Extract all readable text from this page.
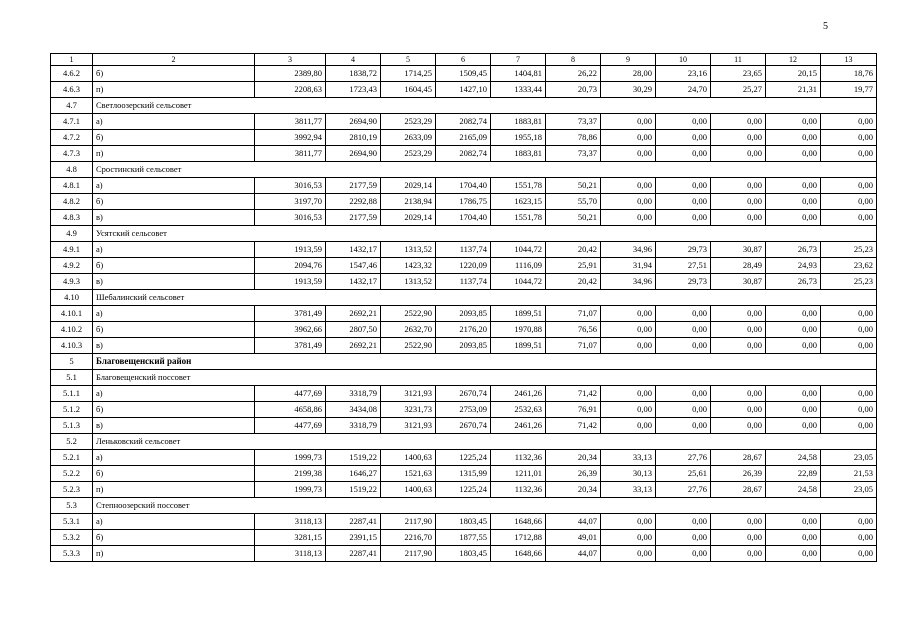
5
1	2	3	4	5	6	7	8	9	10	11	12	13
4.6.2	б)	2389,80	1838,72	1714,25	1509,45	1404,81	26,22	28,00	23,16	23,65	20,15	18,76
4.6.3	п)	2208,63	1723,43	1604,45	1427,10	1333,44	20,73	30,29	24,70	25,27	21,31	19,77
4.7	Светлоозерский сельсовет											
4.7.1	а)	3811,77	2694,90	2523,29	2082,74	1883,81	73,37	0,00	0,00	0,00	0,00	0,00
4.7.2	б)	3992,94	2810,19	2633,09	2165,09	1955,18	78,86	0,00	0,00	0,00	0,00	0,00
4.7.3	п)	3811,77	2694,90	2523,29	2082,74	1883,81	73,37	0,00	0,00	0,00	0,00	0,00
4.8	Сростинский сельсовет											
4.8.1	а)	3016,53	2177,59	2029,14	1704,40	1551,78	50,21	0,00	0,00	0,00	0,00	0,00
4.8.2	б)	3197,70	2292,88	2138,94	1786,75	1623,15	55,70	0,00	0,00	0,00	0,00	0,00
4.8.3	в)	3016,53	2177,59	2029,14	1704,40	1551,78	50,21	0,00	0,00	0,00	0,00	0,00
4.9	Усятский сельсовет											
4.9.1	а)	1913,59	1432,17	1313,52	1137,74	1044,72	20,42	34,96	29,73	30,87	26,73	25,23
4.9.2	б)	2094,76	1547,46	1423,32	1220,09	1116,09	25,91	31,94	27,51	28,49	24,93	23,62
4.9.3	в)	1913,59	1432,17	1313,52	1137,74	1044,72	20,42	34,96	29,73	30,87	26,73	25,23
4.10	Шебалинский сельсовет											
4.10.1	а)	3781,49	2692,21	2522,90	2093,85	1899,51	71,07	0,00	0,00	0,00	0,00	0,00
4.10.2	б)	3962,66	2807,50	2632,70	2176,20	1970,88	76,56	0,00	0,00	0,00	0,00	0,00
4.10.3	в)	3781,49	2692,21	2522,90	2093,85	1899,51	71,07	0,00	0,00	0,00	0,00	0,00
5	Благовещенский район											
5.1	Благовещенский поссовет											
5.1.1	а)	4477,69	3318,79	3121,93	2670,74	2461,26	71,42	0,00	0,00	0,00	0,00	0,00
5.1.2	б)	4658,86	3434,08	3231,73	2753,09	2532,63	76,91	0,00	0,00	0,00	0,00	0,00
5.1.3	в)	4477,69	3318,79	3121,93	2670,74	2461,26	71,42	0,00	0,00	0,00	0,00	0,00
5.2	Леньковский сельсовет											
5.2.1	а)	1999,73	1519,22	1400,63	1225,24	1132,36	20,34	33,13	27,76	28,67	24,58	23,05
5.2.2	б)	2199,38	1646,27	1521,63	1315,99	1211,01	26,39	30,13	25,61	26,39	22,89	21,53
5.2.3	п)	1999,73	1519,22	1400,63	1225,24	1132,36	20,34	33,13	27,76	28,67	24,58	23,05
5.3	Степноозерский поссовет											
5.3.1	а)	3118,13	2287,41	2117,90	1803,45	1648,66	44,07	0,00	0,00	0,00	0,00	0,00
5.3.2	б)	3281,15	2391,15	2216,70	1877,55	1712,88	49,01	0,00	0,00	0,00	0,00	0,00
5.3.3	п)	3118,13	2287,41	2117,90	1803,45	1648,66	44,07	0,00	0,00	0,00	0,00	0,00
